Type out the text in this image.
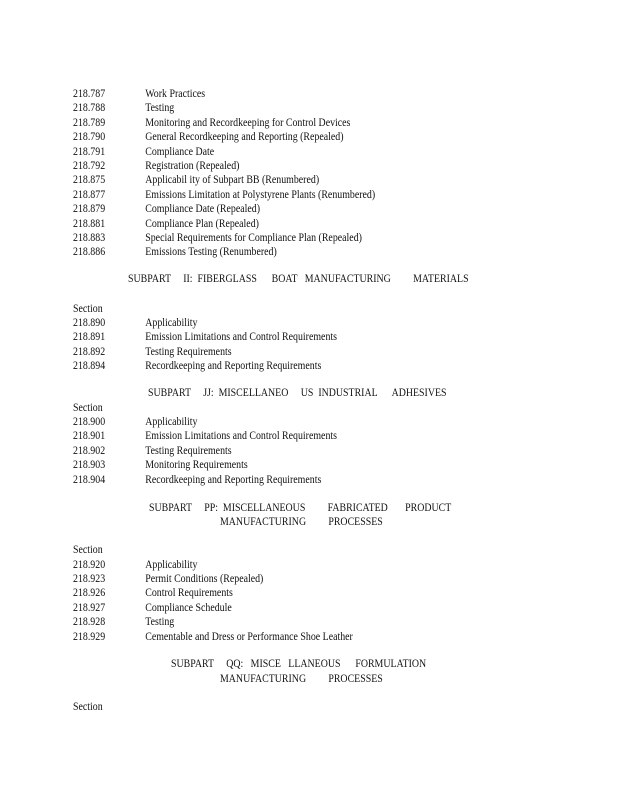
218.787	Work Practices
218.788	Testing
218.789	Monitoring and Recordkeeping for Control Devices
218.790	General Recordkeeping and Reporting (Repealed)
218.791	Compliance Date
218.792	Registration (Repealed)
218.875	Applicabil ity of Subpart BB (Renumbered)
218.877	Emissions Limitation at Polystyrene Plants (Renumbered)
218.879	Compliance Date (Repealed)
218.881	Compliance Plan (Repealed)
218.883	Special Requirements for Compliance Plan (Repealed)
218.886	Emissions Testing (Renumbered)
SUBPART     II:  FIBERGLASS      BOAT   MANUFACTURING         MATERIALS
Section
218.890	Applicability
218.891	Emission Limitations and Control Requirements
218.892	Testing Requirements
218.894	Recordkeeping and Reporting Requirements
SUBPART     JJ:  MISCELLANEO     US  INDUSTRIAL      ADHESIVES
Section
218.900	Applicability
218.901	Emission Limitations and Control Requirements
218.902	Testing Requirements
218.903	Monitoring Requirements
218.904	Recordkeeping and Reporting Requirements
SUBPART     PP:  MISCELLANEOUS         FABRICATED       PRODUCT
MANUFACTURING         PROCESSES
Section
218.920	Applicability
218.923	Permit Conditions (Repealed)
218.926	Control Requirements
218.927	Compliance Schedule
218.928	Testing
218.929	Cementable and Dress or Performance Shoe Leather
SUBPART     QQ:   MISCE   LLANEOUS      FORMULATION
MANUFACTURING         PROCESSES
Section
